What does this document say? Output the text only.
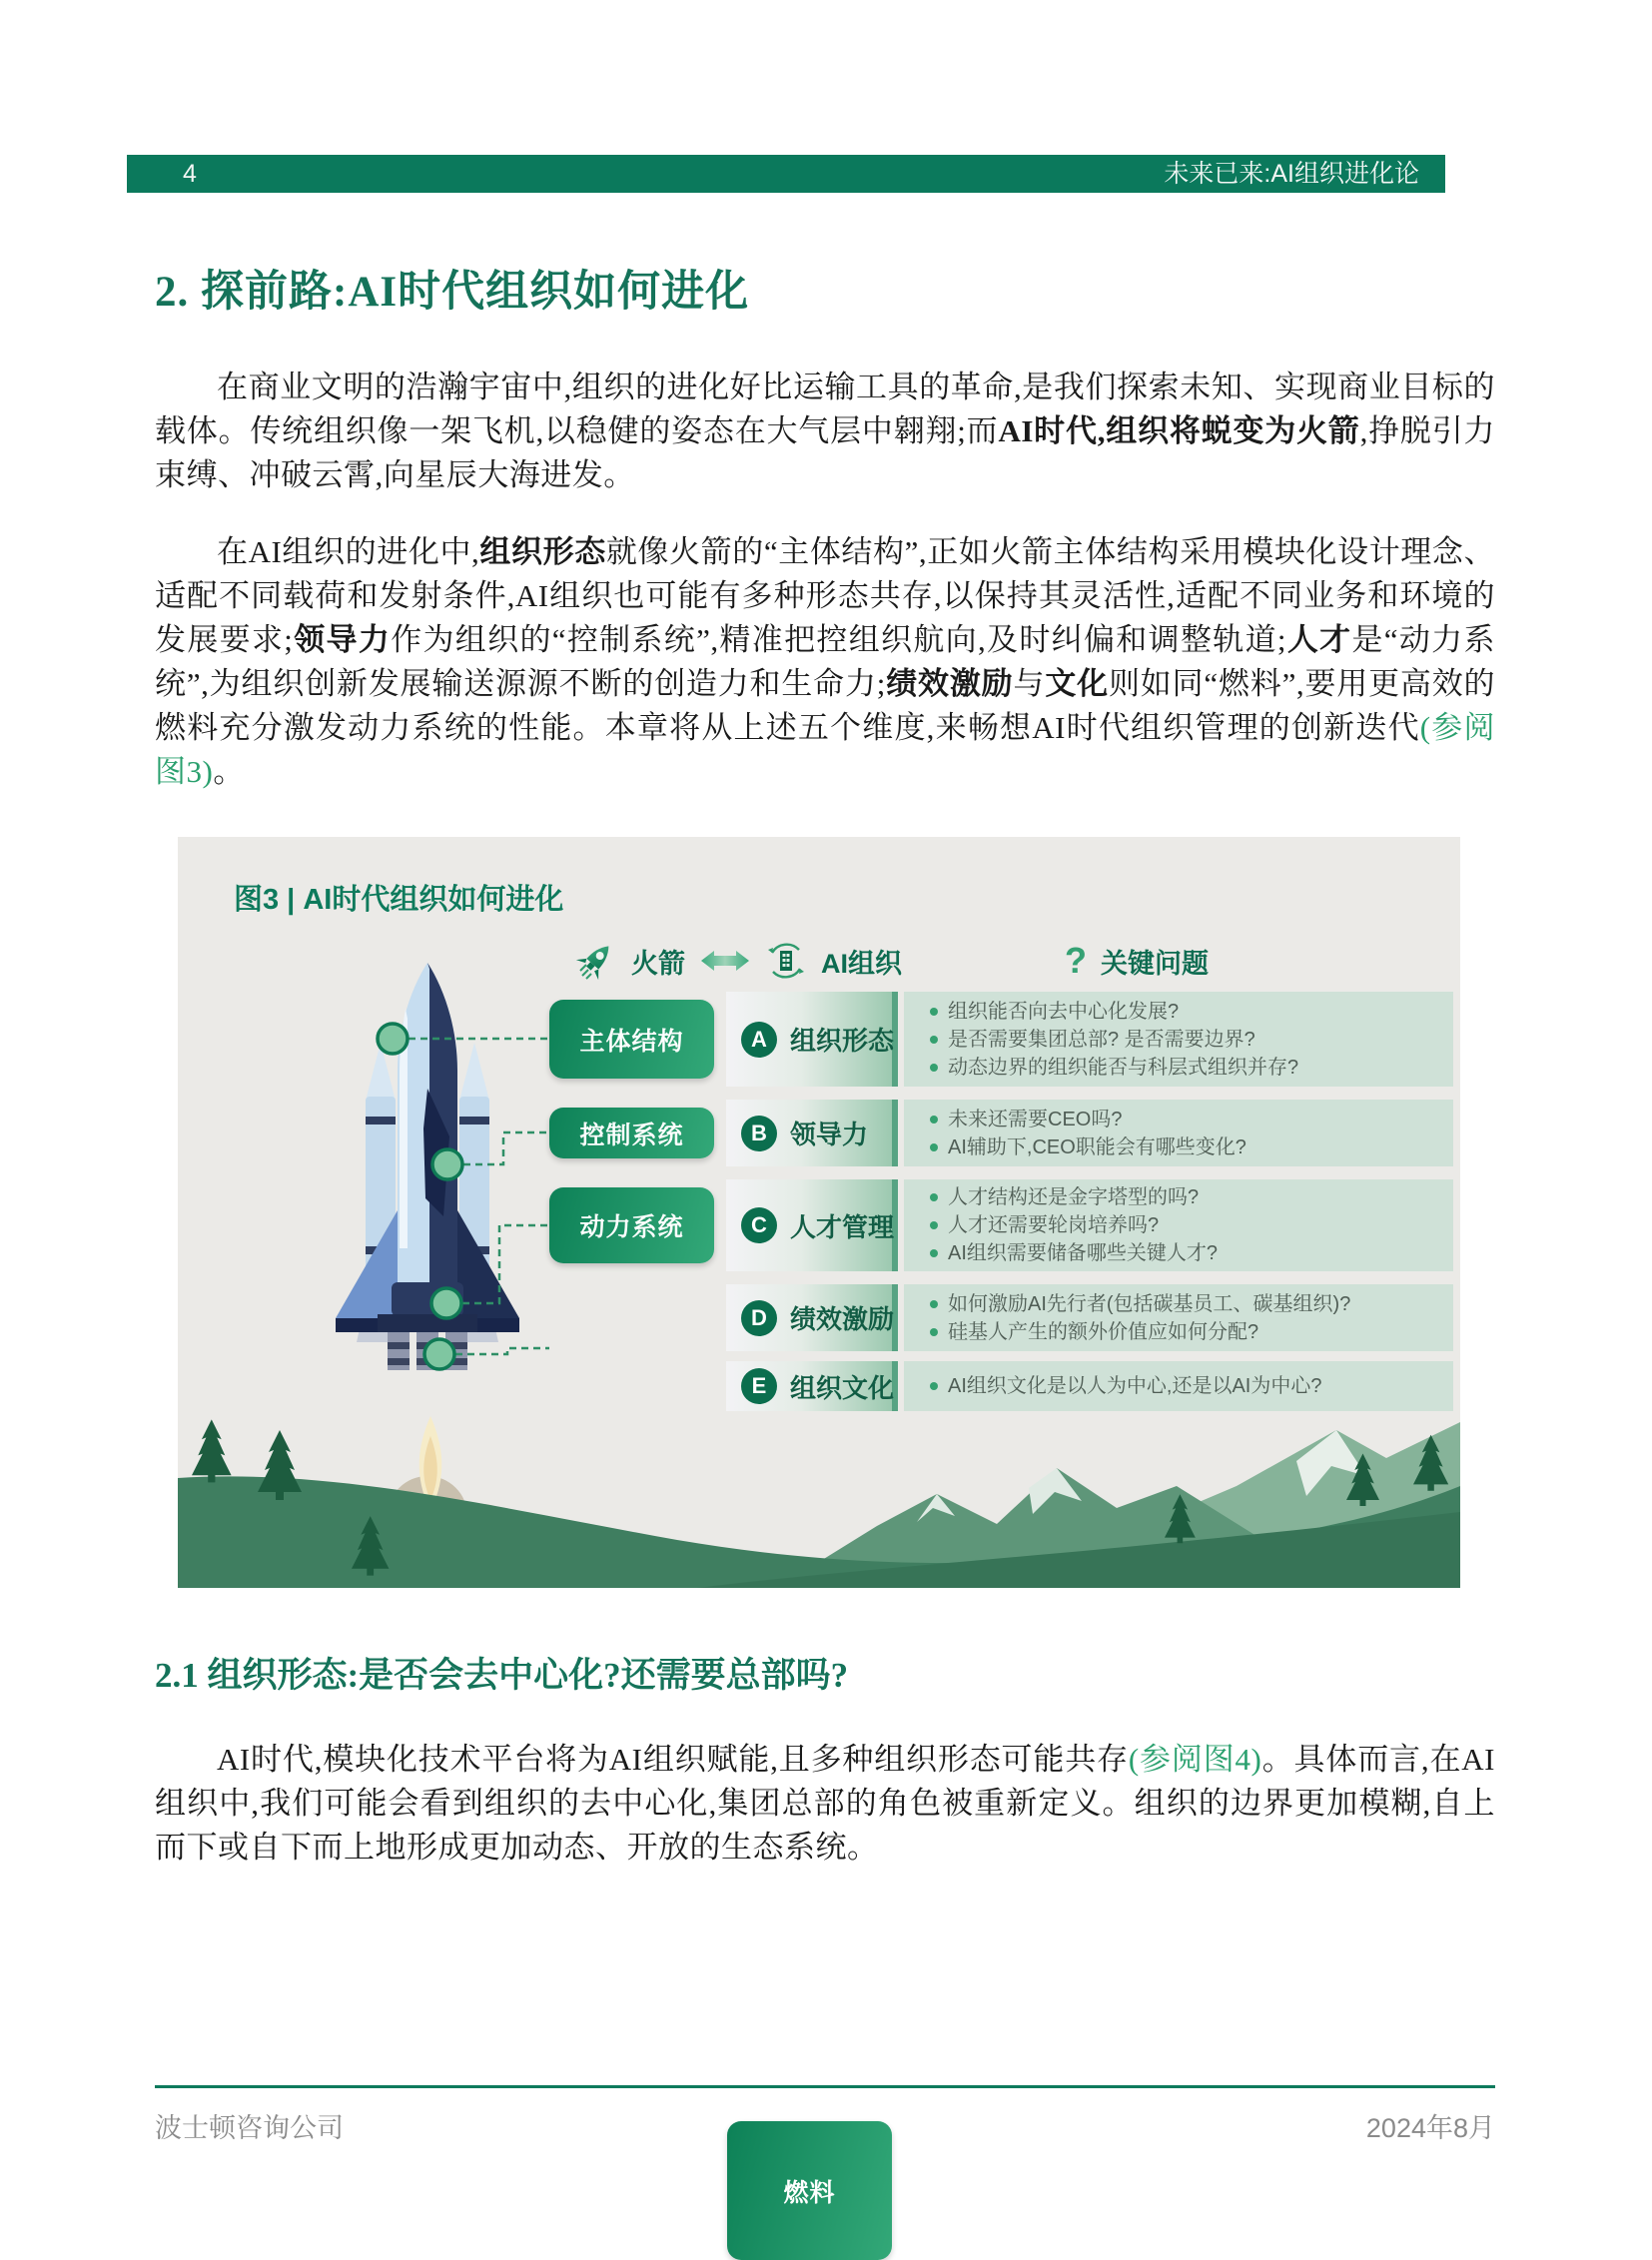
4	未来已来:AI组织进化论
2. 探前路:AI时代组织如何进化
在商业文明的浩瀚宇宙中,组织的进化好比运输工具的革命,是我们探索未知、实现商业目标的载体。传统组织像一架飞机,以稳健的姿态在大气层中翱翔;而AI时代,组织将蜕变为火箭,挣脱引力束缚、冲破云霄,向星辰大海进发。
在AI组织的进化中,组织形态就像火箭的“主体结构”,正如火箭主体结构采用模块化设计理念、适配不同载荷和发射条件,AI组织也可能有多种形态共存,以保持其灵活性,适配不同业务和环境的发展要求;领导力作为组织的“控制系统”,精准把控组织航向,及时纠偏和调整轨道;人才是“动力系统”,为组织创新发展输送源源不断的创造力和生命力;绩效激励与文化则如同“燃料”,要用更高效的燃料充分激发动力系统的性能。本章将从上述五个维度,来畅想AI时代组织管理的创新迭代(参阅图3)。
图3 | AI时代组织如何进化
火箭	AI组织	? 关键问题
主体结构	A 组织形态
组织能否向去中心化发展?
是否需要集团总部? 是否需要边界?
动态边界的组织能否与科层式组织并存?
控制系统	B 领导力
未来还需要CEO吗?
AI辅助下,CEO职能会有哪些变化?
动力系统	C 人才管理
人才结构还是金字塔型的吗?
人才还需要轮岗培养吗?
AI组织需要储备哪些关键人才?
D 绩效激励
如何激励AI先行者(包括碳基员工、碳基组织)?
硅基人产生的额外价值应如何分配?
E 组织文化	AI组织文化是以人为中心,还是以AI为中心?
燃料
2.1 组织形态:是否会去中心化?还需要总部吗?
AI时代,模块化技术平台将为AI组织赋能,且多种组织形态可能共存(参阅图4)。具体而言,在AI组织中,我们可能会看到组织的去中心化,集团总部的角色被重新定义。组织的边界更加模糊,自上而下或自下而上地形成更加动态、开放的生态系统。
波士顿咨询公司	2024年8月
